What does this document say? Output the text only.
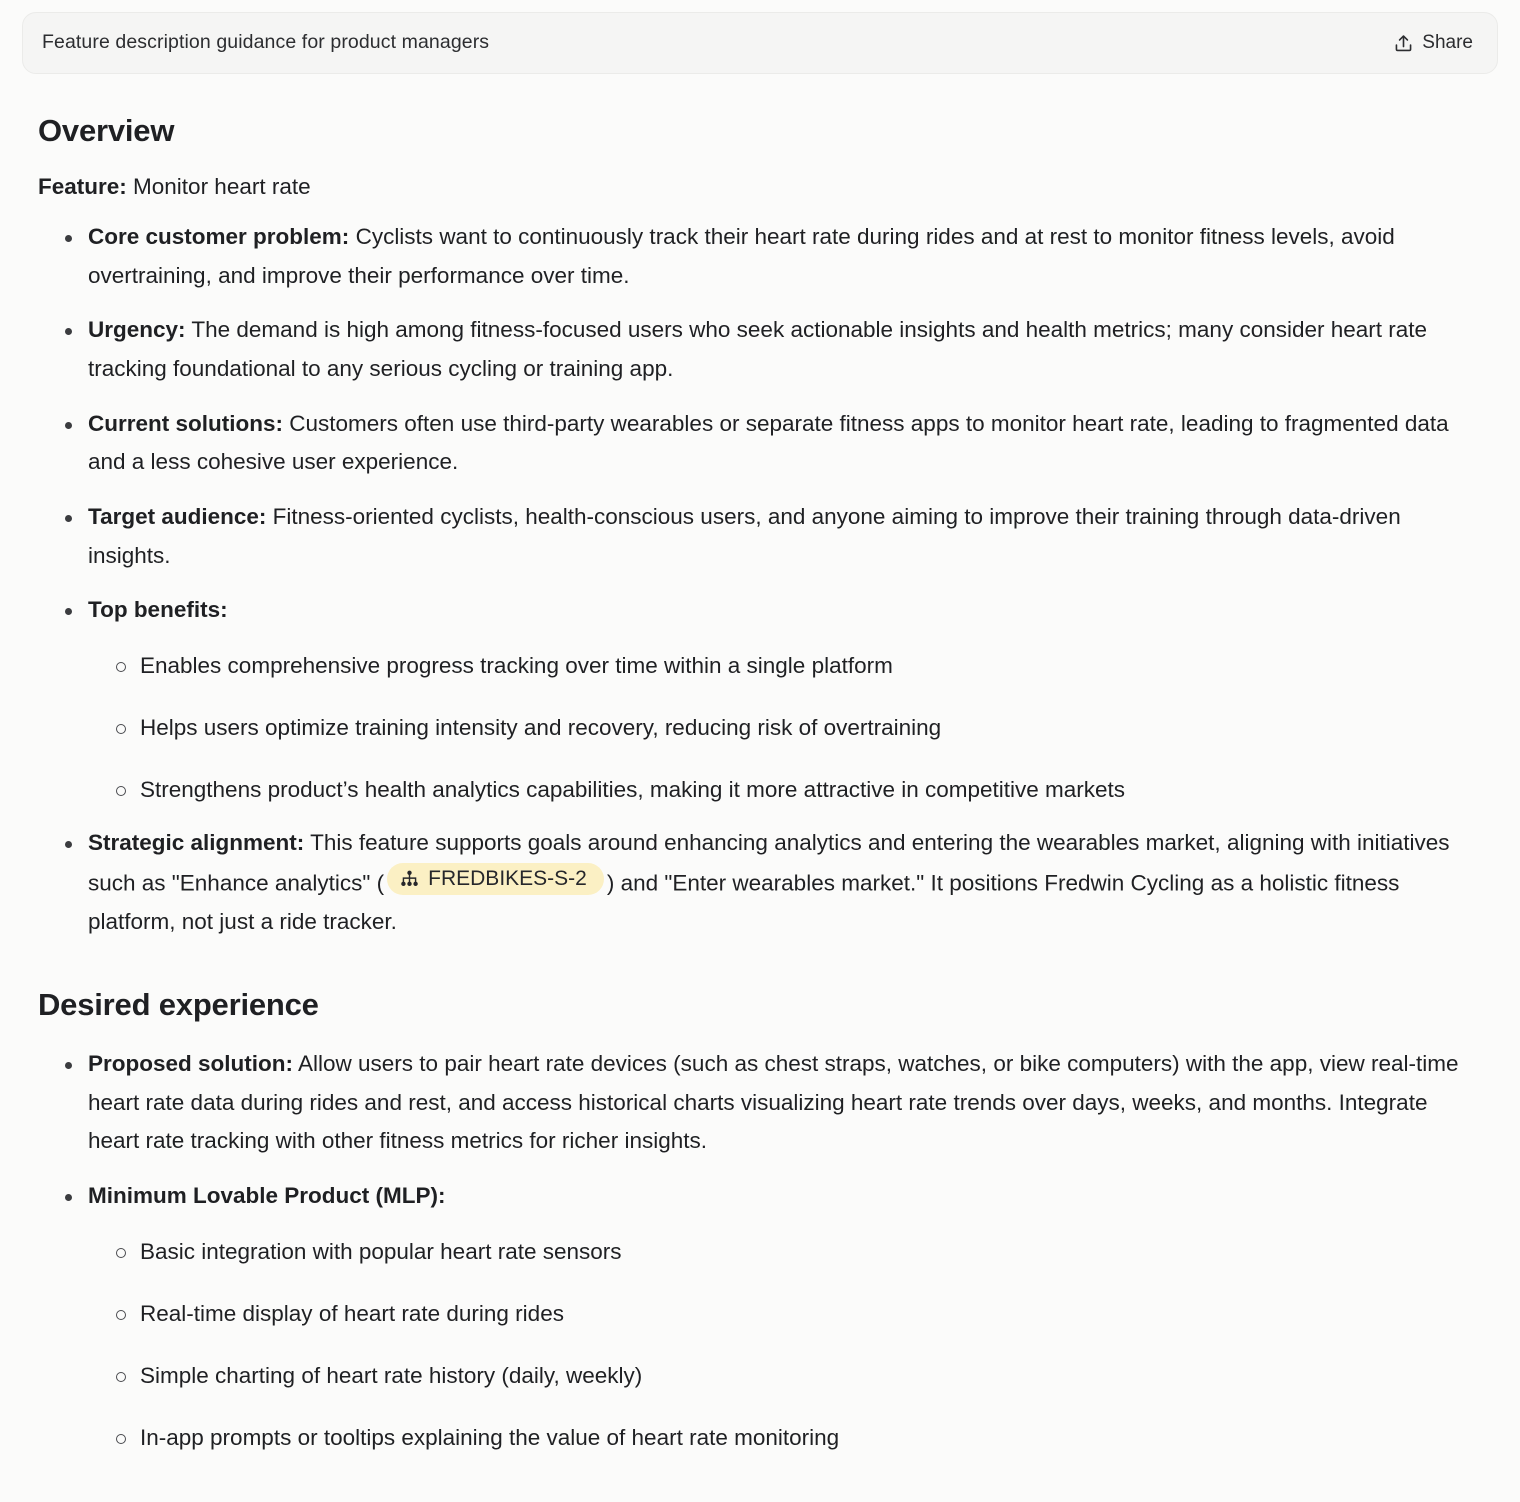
Feature description guidance for product managers	Share
Overview

Feature: Monitor heart rate

Core customer problem: Cyclists want to continuously track their heart rate during rides and at rest to monitor fitness levels, avoid overtraining, and improve their performance over time.
Urgency: The demand is high among fitness-focused users who seek actionable insights and health metrics; many consider heart rate tracking foundational to any serious cycling or training app.
Current solutions: Customers often use third-party wearables or separate fitness apps to monitor heart rate, leading to fragmented data and a less cohesive user experience.
Target audience: Fitness-oriented cyclists, health-conscious users, and anyone aiming to improve their training through data-driven insights.
Top benefits:
Enables comprehensive progress tracking over time within a single platform
Helps users optimize training intensity and recovery, reducing risk of overtraining
Strengthens product’s health analytics capabilities, making it more attractive in competitive markets
Strategic alignment: This feature supports goals around enhancing analytics and entering the wearables market, aligning with initiatives such as "Enhance analytics" ( FREDBIKES-S-2 ) and "Enter wearables market." It positions Fredwin Cycling as a holistic fitness platform, not just a ride tracker.
Desired experience
Proposed solution: Allow users to pair heart rate devices (such as chest straps, watches, or bike computers) with the app, view real-time heart rate data during rides and rest, and access historical charts visualizing heart rate trends over days, weeks, and months. Integrate heart rate tracking with other fitness metrics for richer insights.
Minimum Lovable Product (MLP):
Basic integration with popular heart rate sensors
Real-time display of heart rate during rides
Simple charting of heart rate history (daily, weekly)
In-app prompts or tooltips explaining the value of heart rate monitoring
